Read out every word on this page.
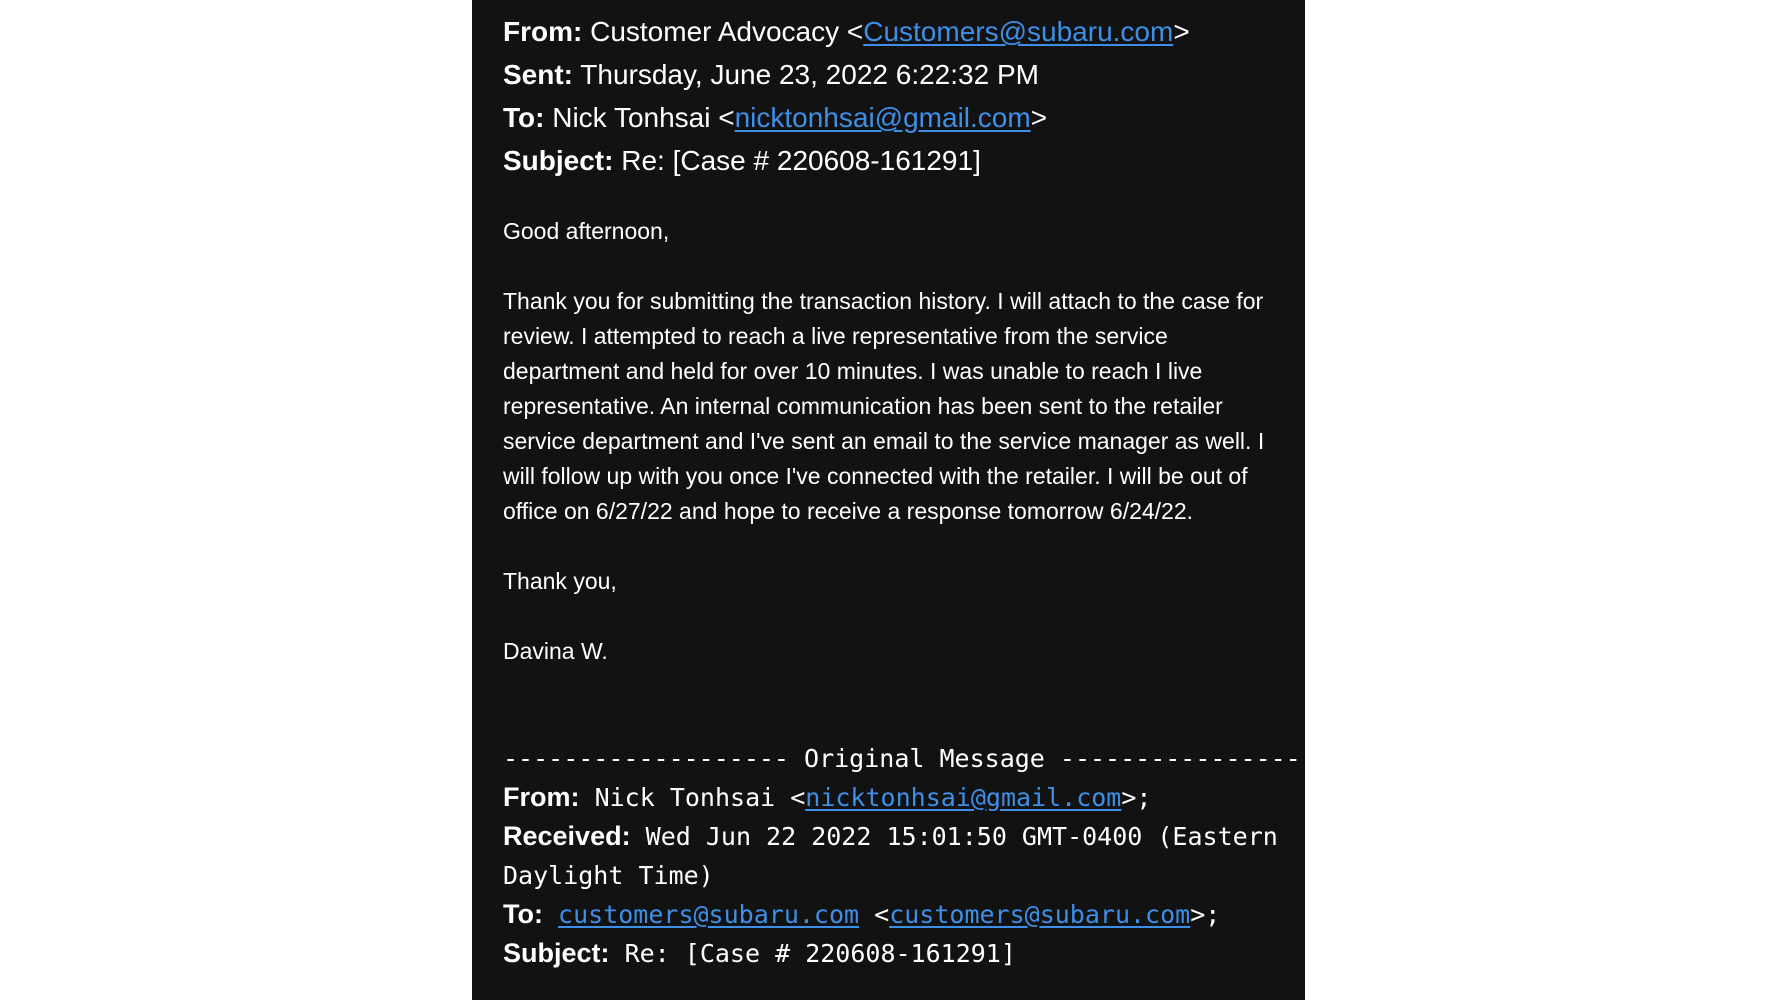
From: Customer Advocacy <Customers@subaru.com>

Sent: Thursday, June 23, 2022 6:22:32 PM

To: Nick Tonhsai <nicktonhsai@gmail.com>

Subject: Re: [Case # 220608-161291]

Good afternoon,

Thank you for submitting the transaction history. I will attach to the case for review. I attempted to reach a live representative from the service department and held for over 10 minutes. I was unable to reach I live representative. An internal communication has been sent to the retailer service department and I've sent an email to the service manager as well. I will follow up with you once I've connected with the retailer. I will be out of office on 6/27/22 and hope to receive a response tomorrow 6/24/22.

Thank you,

Davina W.

------------------- Original Message -------------------

From: Nick Tonhsai <nicktonhsai@gmail.com>;

Received: Wed Jun 22 2022 15:01:50 GMT-0400 (Eastern Daylight Time)

To: customers@subaru.com <customers@subaru.com>;

Subject: Re: [Case # 220608-161291]
